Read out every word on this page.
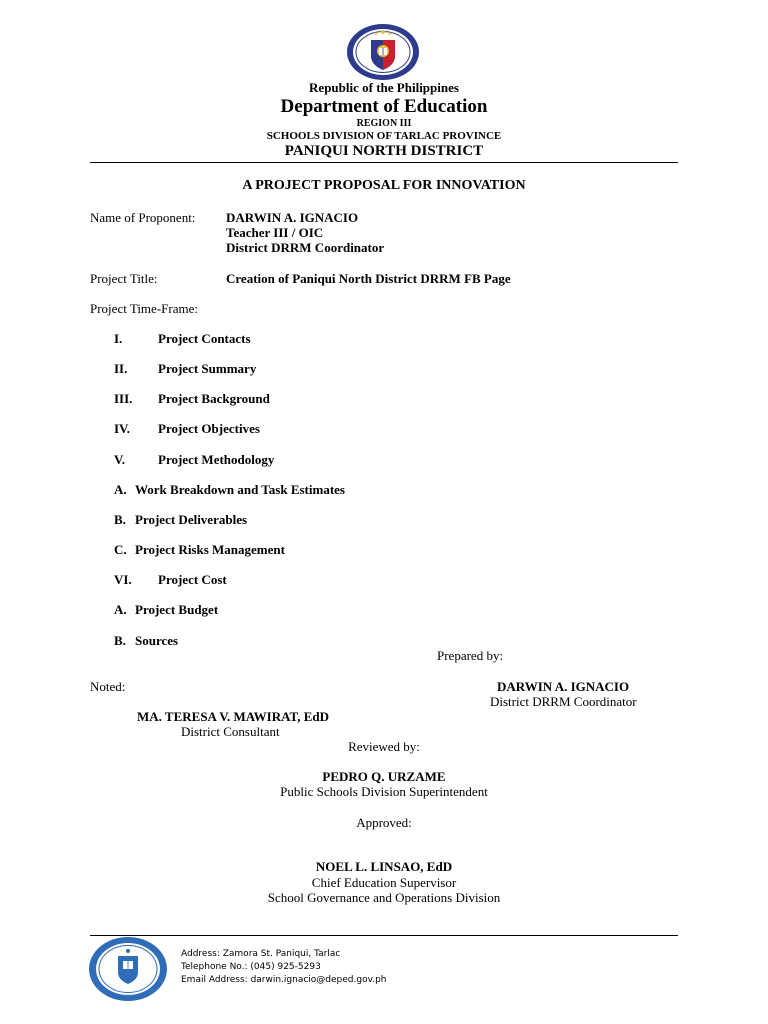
Republic of the Philippines
Department of Education
REGION III
SCHOOLS DIVISION OF TARLAC PROVINCE
PANIQUI NORTH DISTRICT
A PROJECT PROPOSAL FOR INNOVATION
Name of Proponent: DARWIN A. IGNACIO
Teacher III / OIC
District DRRM Coordinator
Project Title:	Creation of Paniqui North District DRRM FB Page
Project Time-Frame:
I.	Project Contacts
II. Project Summary
III. Project Background
IV. Project Objectives
V.	Project Methodology
A. Work Breakdown and Task Estimates
B. Project Deliverables
C. Project Risks Management
VI. Project Cost
A. Project Budget
B. Sources
Prepared by:
Noted:	DARWIN A. IGNACIO
District DRRM Coordinator
MA. TERESA V. MAWIRAT, EdD
District Consultant
Reviewed by:
PEDRO Q. URZAME
Public Schools Division Superintendent
Approved:
NOEL L. LINSAO, EdD
Chief Education Supervisor
School Governance and Operations Division
Address: Zamora St. Paniqui, Tarlac
Telephone No.: (045) 925-5293
Email Address: darwin.ignacio@deped.gov.ph
